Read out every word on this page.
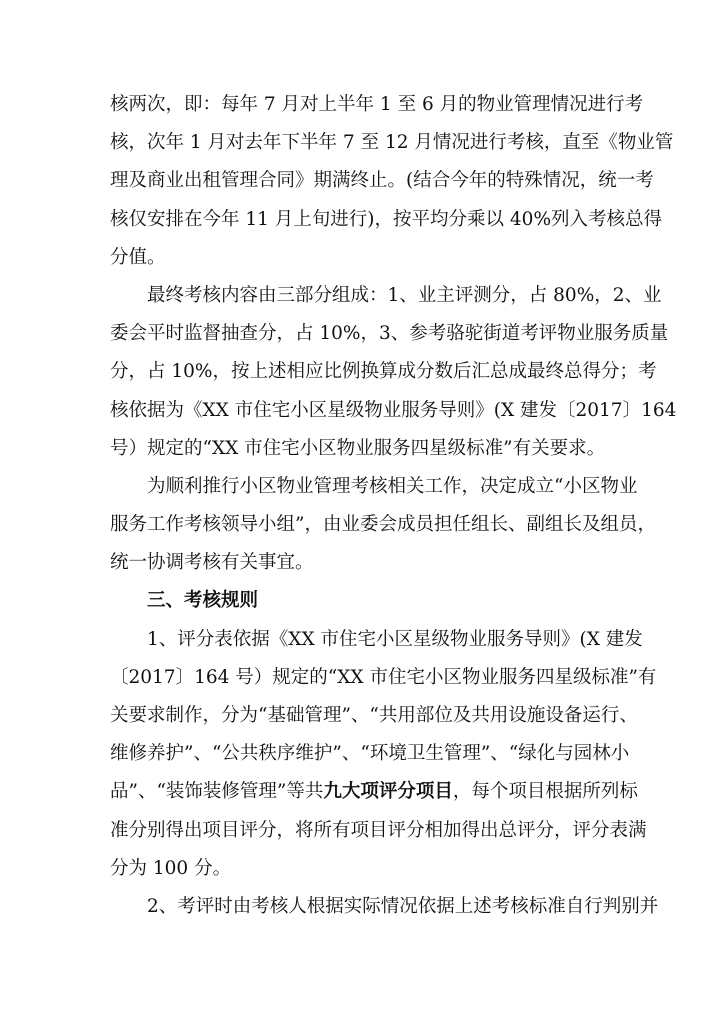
核两次，即：每年 7 月对上半年 1 至 6 月的物业管理情况进行考
核，次年 1 月对去年下半年 7 至 12 月情况进行考核，直至《物业管
理及商业出租管理合同》期满终止。(结合今年的特殊情况，统一考
核仅安排在今年 11 月上旬进行)，按平均分乘以 40%列入考核总得
分值。
最终考核内容由三部分组成：1、业主评测分，占 80%，2、业
委会平时监督抽查分，占 10%，3、参考骆驼街道考评物业服务质量
分，占 10%，按上述相应比例换算成分数后汇总成最终总得分；考
核依据为《XX 市住宅小区星级物业服务导则》(X 建发〔2017〕164
号）规定的“XX 市住宅小区物业服务四星级标准”有关要求。
为顺利推行小区物业管理考核相关工作，决定成立“小区物业
服务工作考核领导小组”，由业委会成员担任组长、副组长及组员，
统一协调考核有关事宜。
三、考核规则
1、评分表依据《XX 市住宅小区星级物业服务导则》(X 建发
〔2017〕164 号）规定的“XX 市住宅小区物业服务四星级标准”有
关要求制作，分为“基础管理”、“共用部位及共用设施设备运行、
维修养护”、“公共秩序维护”、“环境卫生管理”、“绿化与园林小
品”、“装饰装修管理”等共九大项评分项目，每个项目根据所列标
准分别得出项目评分，将所有项目评分相加得出总评分，评分表满
分为 100 分。
2、考评时由考核人根据实际情况依据上述考核标准自行判别并
